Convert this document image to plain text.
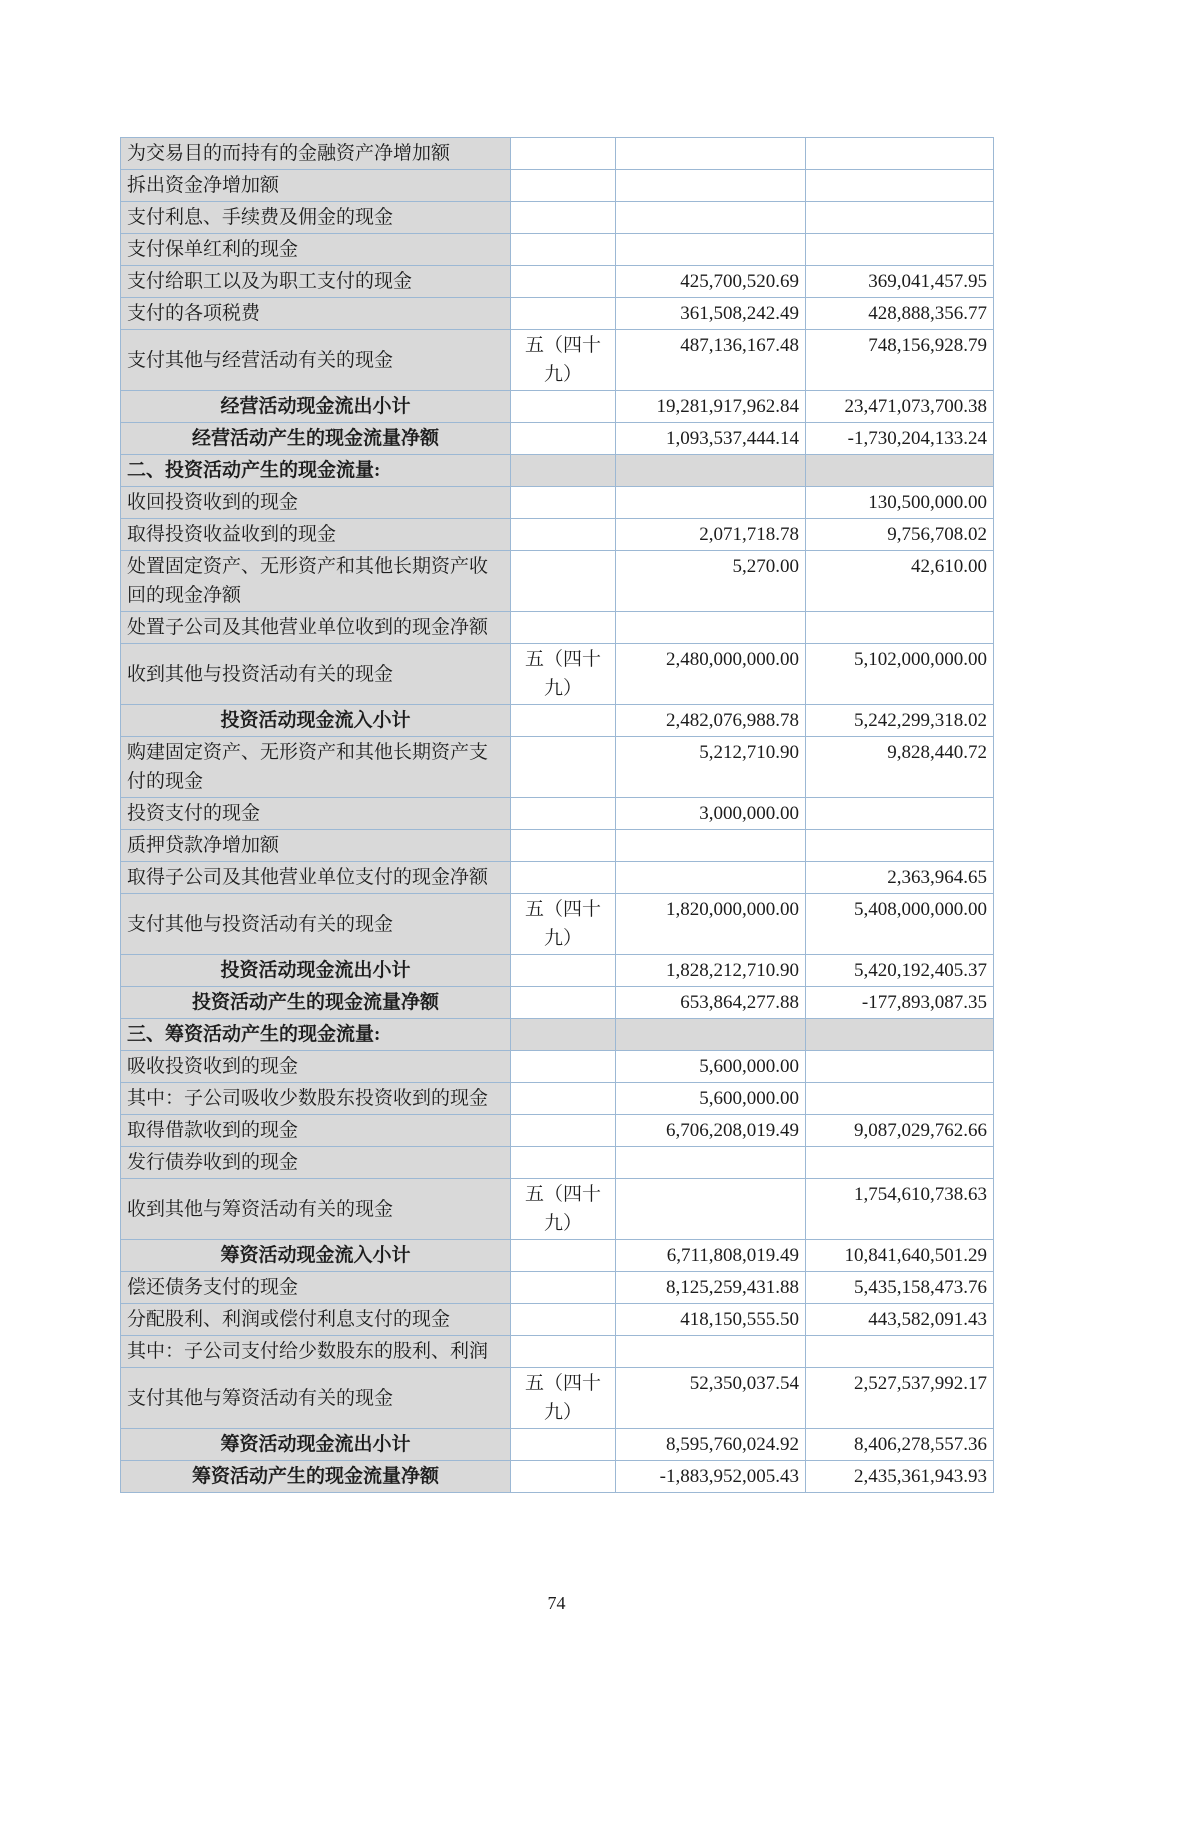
为交易目的而持有的金融资产净增加额			
拆出资金净增加额			
支付利息、手续费及佣金的现金			
支付保单红利的现金			
支付给职工以及为职工支付的现金		425,700,520.69	369,041,457.95
支付的各项税费		361,508,242.49	428,888,356.77
支付其他与经营活动有关的现金	五（四十九）	487,136,167.48	748,156,928.79
经营活动现金流出小计		19,281,917,962.84	23,471,073,700.38
经营活动产生的现金流量净额		1,093,537,444.14	-1,730,204,133.24
二、投资活动产生的现金流量:			
收回投资收到的现金			130,500,000.00
取得投资收益收到的现金		2,071,718.78	9,756,708.02
处置固定资产、无形资产和其他长期资产收回的现金净额		5,270.00	42,610.00
处置子公司及其他营业单位收到的现金净额			
收到其他与投资活动有关的现金	五（四十九）	2,480,000,000.00	5,102,000,000.00
投资活动现金流入小计		2,482,076,988.78	5,242,299,318.02
购建固定资产、无形资产和其他长期资产支付的现金		5,212,710.90	9,828,440.72
投资支付的现金		3,000,000.00	
质押贷款净增加额			
取得子公司及其他营业单位支付的现金净额			2,363,964.65
支付其他与投资活动有关的现金	五（四十九）	1,820,000,000.00	5,408,000,000.00
投资活动现金流出小计		1,828,212,710.90	5,420,192,405.37
投资活动产生的现金流量净额		653,864,277.88	-177,893,087.35
三、筹资活动产生的现金流量:			
吸收投资收到的现金		5,600,000.00	
其中：子公司吸收少数股东投资收到的现金		5,600,000.00	
取得借款收到的现金		6,706,208,019.49	9,087,029,762.66
发行债券收到的现金			
收到其他与筹资活动有关的现金	五（四十九）		1,754,610,738.63
筹资活动现金流入小计		6,711,808,019.49	10,841,640,501.29
偿还债务支付的现金		8,125,259,431.88	5,435,158,473.76
分配股利、利润或偿付利息支付的现金		418,150,555.50	443,582,091.43
其中：子公司支付给少数股东的股利、利润			
支付其他与筹资活动有关的现金	五（四十九）	52,350,037.54	2,527,537,992.17
筹资活动现金流出小计		8,595,760,024.92	8,406,278,557.36
筹资活动产生的现金流量净额		-1,883,952,005.43	2,435,361,943.93
74
